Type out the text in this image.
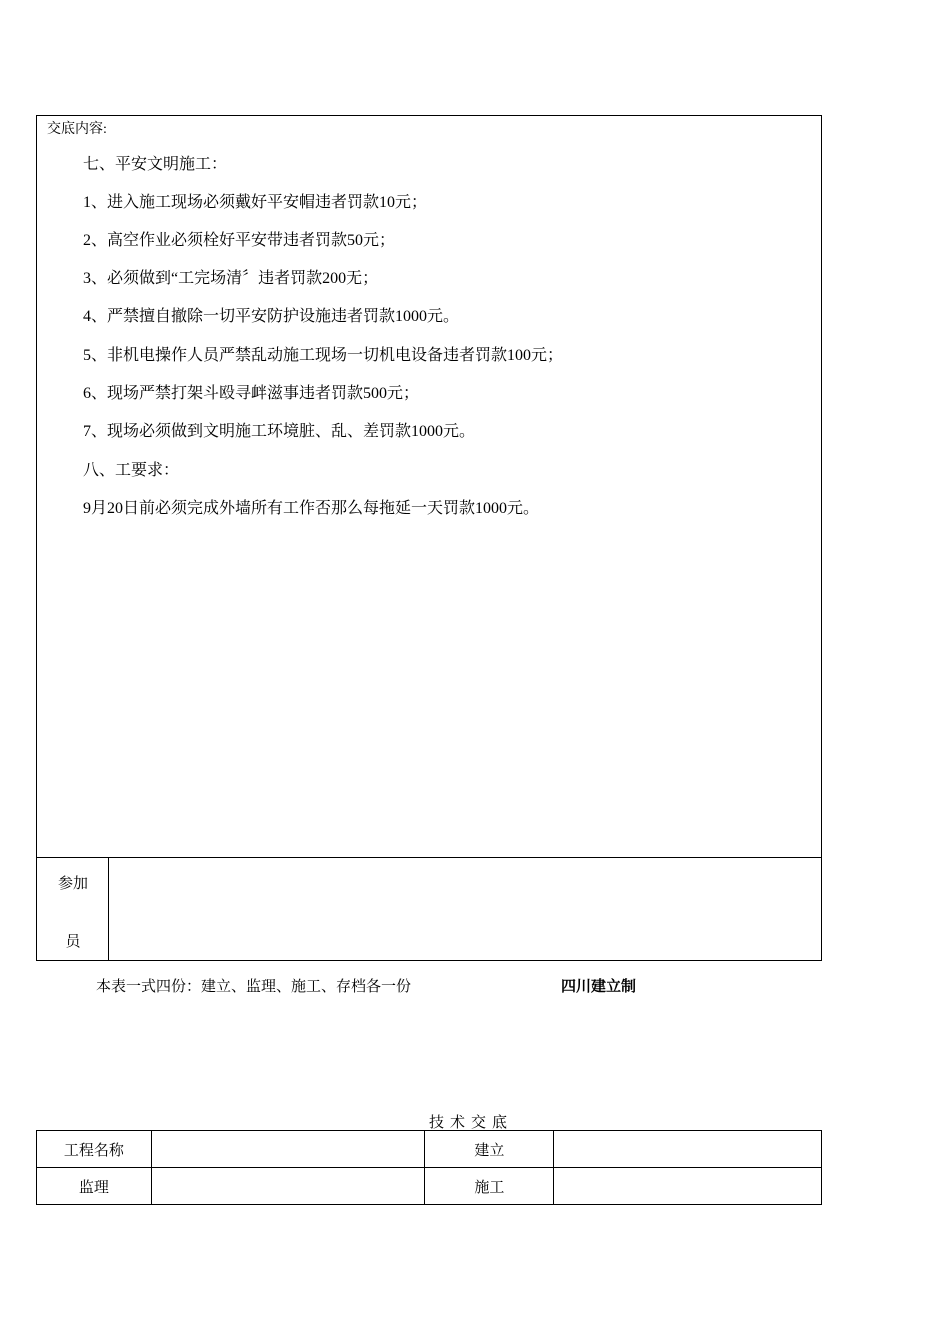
交底内容:
七、平安文明施工：
1、进入施工现场必须戴好平安帽违者罚款10元；
2、高空作业必须栓好平安带违者罚款50元；
3、必须做到“工完场清〞违者罚款200无；
4、严禁擅自撤除一切平安防护设施违者罚款1000元。
5、非机电操作人员严禁乱动施工现场一切机电设备违者罚款100元；
6、现场严禁打架斗殴寻衅滋事违者罚款500元；
7、现场必须做到文明施工环境脏、乱、差罚款1000元。
八、工要求：
9月20日前必须完成外墙所有工作否那么每拖延一天罚款1000元。
参加
员
本表一式四份：建立、监理、施工、存档各一份	四川建立制
技术交底
工程名称		建立	
监理		施工	
